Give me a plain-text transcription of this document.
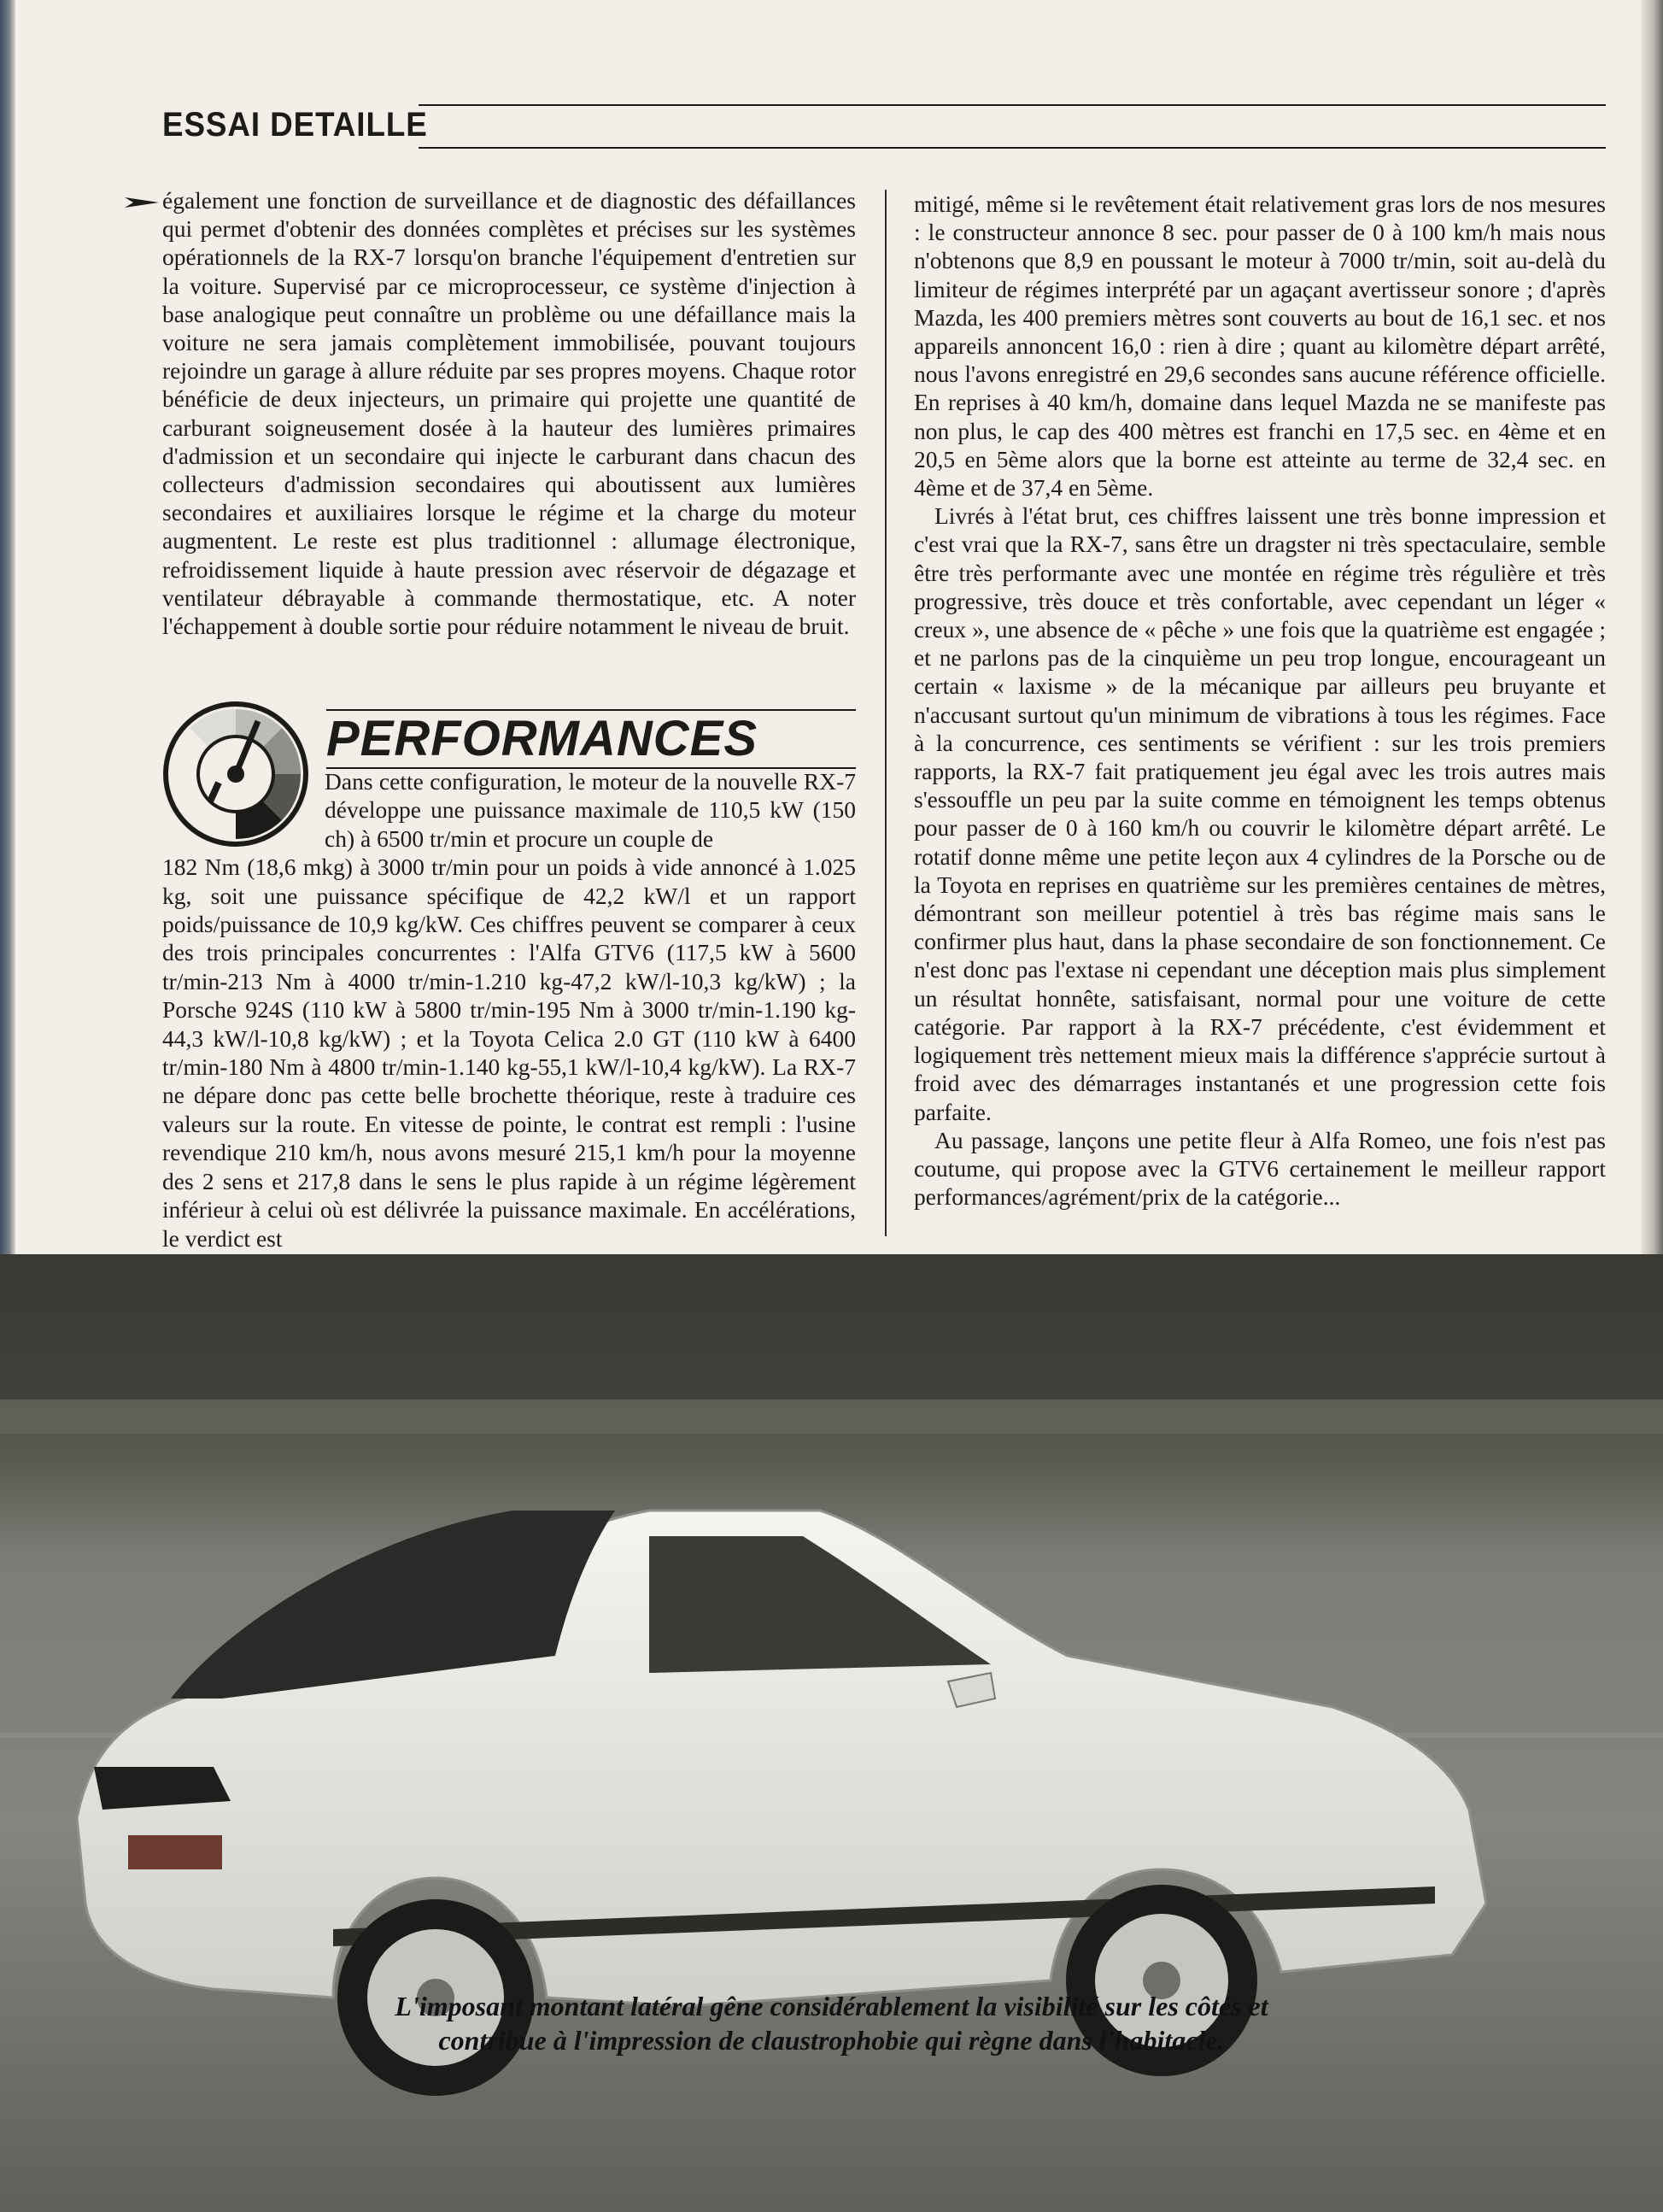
ESSAI DETAILLE

également une fonction de surveillance et de diagnostic des défaillances qui permet d'obtenir des données complètes et précises sur les systèmes opérationnels de la RX-7 lorsqu'on branche l'équipement d'entretien sur la voiture. Supervisé par ce microprocesseur, ce système d'injection à base analogique peut connaître un problème ou une défaillance mais la voiture ne sera jamais complètement immobilisée, pouvant toujours rejoindre un garage à allure réduite par ses propres moyens. Chaque rotor bénéficie de deux injecteurs, un primaire qui projette une quantité de carburant soigneusement dosée à la hauteur des lumières primaires d'admission et un secondaire qui injecte le carburant dans chacun des collecteurs d'admission secondaires qui aboutissent aux lumières secondaires et auxiliaires lorsque le régime et la charge du moteur augmentent. Le reste est plus traditionnel : allumage électronique, refroidissement liquide à haute pression avec réservoir de dégazage et ventilateur débrayable à commande thermostatique, etc. A noter l'échappement à double sortie pour réduire notamment le niveau de bruit.

PERFORMANCES
Dans cette configuration, le moteur de la nouvelle RX-7 développe une puissance maximale de 110,5 kW (150 ch) à 6500 tr/min et procure un couple de
182 Nm (18,6 mkg) à 3000 tr/min pour un poids à vide annoncé à 1.025 kg, soit une puissance spécifique de 42,2 kW/l et un rapport poids/puissance de 10,9 kg/kW. Ces chiffres peuvent se comparer à ceux des trois principales concurrentes : l'Alfa GTV6 (117,5 kW à 5600 tr/min-213 Nm à 4000 tr/min-1.210 kg-47,2 kW/l-10,3 kg/kW) ; la Porsche 924S (110 kW à 5800 tr/min-195 Nm à 3000 tr/min-1.190 kg-44,3 kW/l-10,8 kg/kW) ; et la Toyota Celica 2.0 GT (110 kW à 6400 tr/min-180 Nm à 4800 tr/min-1.140 kg-55,1 kW/l-10,4 kg/kW). La RX-7 ne dépare donc pas cette belle brochette théorique, reste à traduire ces valeurs sur la route. En vitesse de pointe, le contrat est rempli : l'usine revendique 210 km/h, nous avons mesuré 215,1 km/h pour la moyenne des 2 sens et 217,8 dans le sens le plus rapide à un régime légèrement inférieur à celui où est délivrée la puissance maximale. En accélérations, le verdict est

mitigé, même si le revêtement était relativement gras lors de nos mesures : le constructeur annonce 8 sec. pour passer de 0 à 100 km/h mais nous n'obtenons que 8,9 en poussant le moteur à 7000 tr/min, soit au-delà du limiteur de régimes interprété par un agaçant avertisseur sonore ; d'après Mazda, les 400 premiers mètres sont couverts au bout de 16,1 sec. et nos appareils annoncent 16,0 : rien à dire ; quant au kilomètre départ arrêté, nous l'avons enregistré en 29,6 secondes sans aucune référence officielle. En reprises à 40 km/h, domaine dans lequel Mazda ne se manifeste pas non plus, le cap des 400 mètres est franchi en 17,5 sec. en 4ème et en 20,5 en 5ème alors que la borne est atteinte au terme de 32,4 sec. en 4ème et de 37,4 en 5ème.

Livrés à l'état brut, ces chiffres laissent une très bonne impression et c'est vrai que la RX-7, sans être un dragster ni très spectaculaire, semble être très performante avec une montée en régime très régulière et très progressive, très douce et très confortable, avec cependant un léger « creux », une absence de « pêche » une fois que la quatrième est engagée ; et ne parlons pas de la cinquième un peu trop longue, encourageant un certain « laxisme » de la mécanique par ailleurs peu bruyante et n'accusant surtout qu'un minimum de vibrations à tous les régimes. Face à la concurrence, ces sentiments se vérifient : sur les trois premiers rapports, la RX-7 fait pratiquement jeu égal avec les trois autres mais s'essouffle un peu par la suite comme en témoignent les temps obtenus pour passer de 0 à 160 km/h ou couvrir le kilomètre départ arrêté. Le rotatif donne même une petite leçon aux 4 cylindres de la Porsche ou de la Toyota en reprises en quatrième sur les premières centaines de mètres, démontrant son meilleur potentiel à très bas régime mais sans le confirmer plus haut, dans la phase secondaire de son fonctionnement. Ce n'est donc pas l'extase ni cependant une déception mais plus simplement un résultat honnête, satisfaisant, normal pour une voiture de cette catégorie. Par rapport à la RX-7 précédente, c'est évidemment et logiquement très nettement mieux mais la différence s'apprécie surtout à froid avec des démarrages instantanés et une progression cette fois parfaite.

Au passage, lançons une petite fleur à Alfa Romeo, une fois n'est pas coutume, qui propose avec la GTV6 certainement le meilleur rapport performances/agrément/prix de la catégorie...

L'imposant montant latéral gêne considérablement la visibilité sur les côtés et
contribue à l'impression de claustrophobie qui règne dans l'habitacle.
